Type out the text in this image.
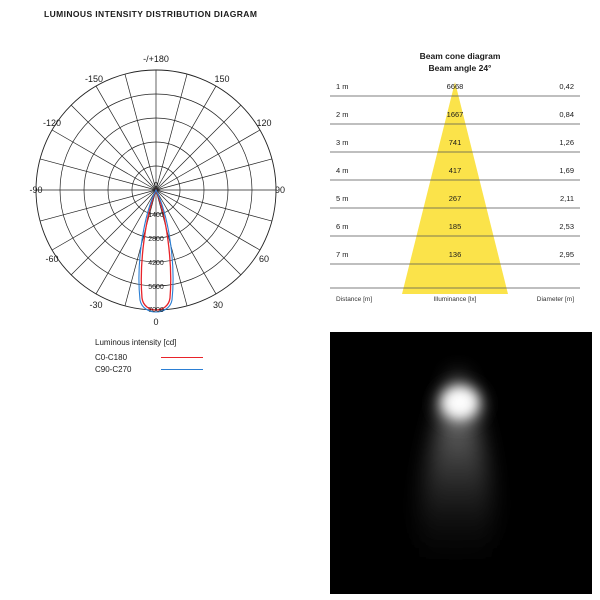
LUMINOUS INTENSITY DISTRIBUTION DIAGRAM
1400
2800
4200
5600
7000
0
-/+180
-150	150
-120	120
-90	90
-60	60
-30	30
0
Luminous intensity [cd]
C0-C180
C90-C270
Beam cone diagram
Beam angle 24°
1 m	6668	0,42
2 m	1667	0,84
3 m	741	1,26
4 m	417	1,69
5 m	267	2,11
6 m	185	2,53
7 m	136	2,95
Distance [m]	Illuminance [lx]	Diameter [m]
